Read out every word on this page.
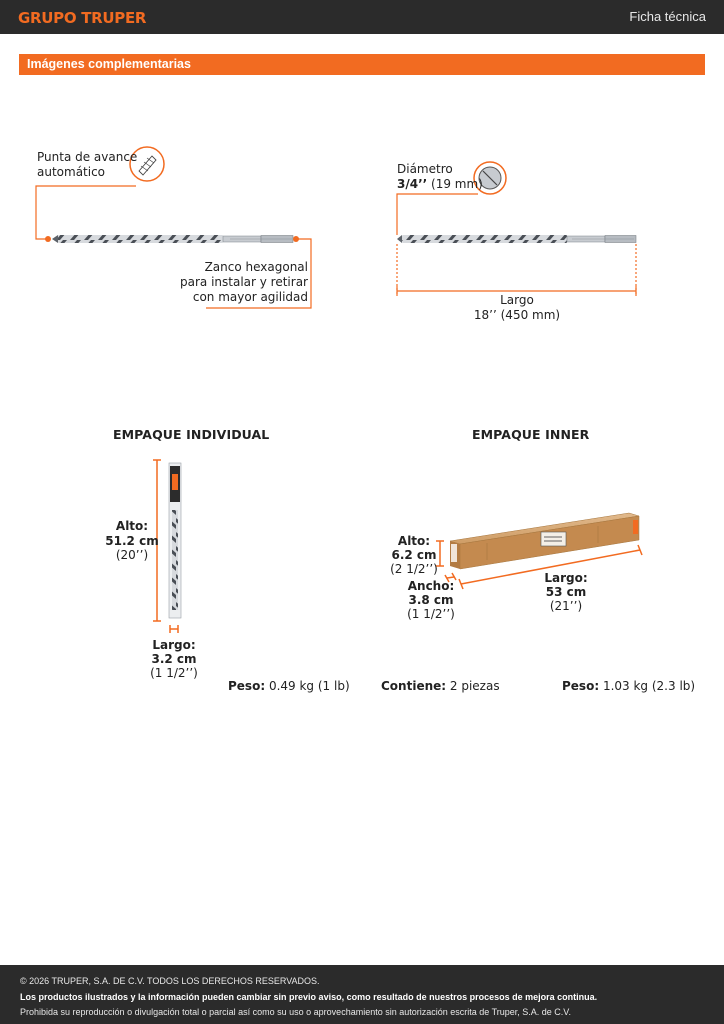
GRUPO TRUPER	Ficha técnica
Imágenes complementarias
Punta de avance
automático
Zanco hexagonal
para instalar y retirar
con mayor agilidad
Diámetro
3/4’’ (19 mm)
Largo
18’’ (450 mm)
EMPAQUE INDIVIDUAL
Alto:
51.2 cm
(20’’)
Largo:
3.2 cm
(1 1/2’’)
Peso: 0.49 kg (1 lb)
EMPAQUE INNER
Alto:
6.2 cm
(2 1/2’’)
Ancho:
3.8 cm
(1 1/2’’)
Largo:
53 cm
(21’’)
Contiene: 2 piezas	Peso: 1.03 kg (2.3 lb)
© 2026 TRUPER, S.A. DE C.V. TODOS LOS DERECHOS RESERVADOS.
Los productos ilustrados y la información pueden cambiar sin previo aviso, como resultado de nuestros procesos de mejora continua.
Prohibida su reproducción o divulgación total o parcial así como su uso o aprovechamiento sin autorización escrita de Truper, S.A. de C.V.
